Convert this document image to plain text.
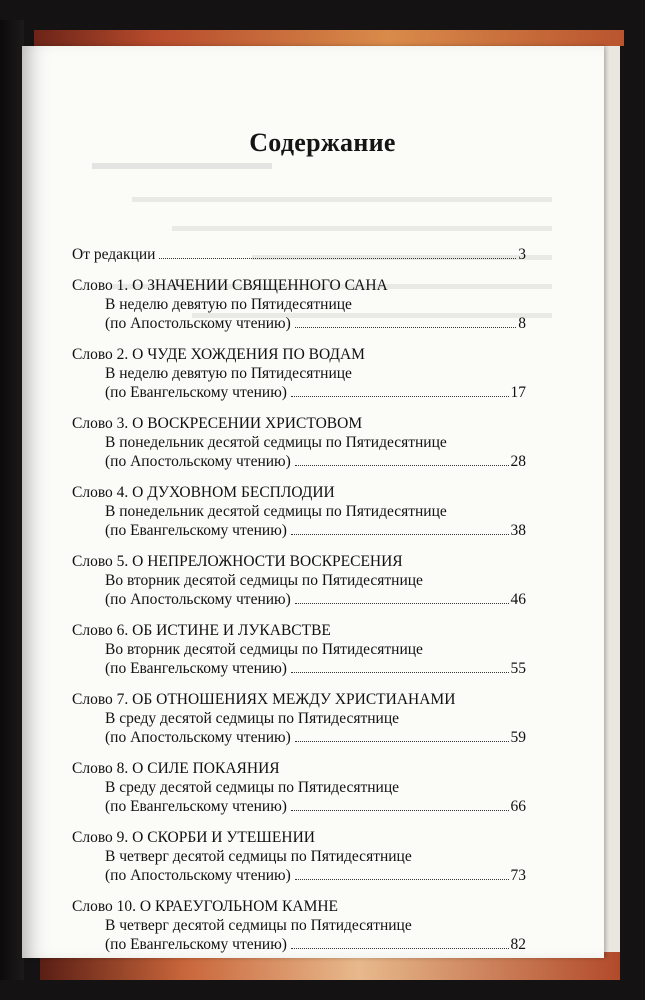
Содержание
От редакции	3
Слово 1. О ЗНАЧЕНИИ СВЯЩЕННОГО САНА
В неделю девятую по Пятидесятнице
(по Апостольскому чтению)	8
Слово 2. О ЧУДЕ ХОЖДЕНИЯ ПО ВОДАМ
В неделю девятую по Пятидесятнице
(по Евангельскому чтению)	17
Слово 3. О ВОСКРЕСЕНИИ ХРИСТОВОМ
В понедельник десятой седмицы по Пятидесятнице
(по Апостольскому чтению)	28
Слово 4. О ДУХОВНОМ БЕСПЛОДИИ
В понедельник десятой седмицы по Пятидесятнице
(по Евангельскому чтению)	38
Слово 5. О НЕПРЕЛОЖНОСТИ ВОСКРЕСЕНИЯ
Во вторник десятой седмицы по Пятидесятнице
(по Апостольскому чтению)	46
Слово 6. ОБ ИСТИНЕ И ЛУКАВСТВЕ
Во вторник десятой седмицы по Пятидесятнице
(по Евангельскому чтению)	55
Слово 7. ОБ ОТНОШЕНИЯХ МЕЖДУ ХРИСТИАНАМИ
В среду десятой седмицы по Пятидесятнице
(по Апостольскому чтению)	59
Слово 8. О СИЛЕ ПОКАЯНИЯ
В среду десятой седмицы по Пятидесятнице
(по Евангельскому чтению)	66
Слово 9. О СКОРБИ И УТЕШЕНИИ
В четверг десятой седмицы по Пятидесятнице
(по Апостольскому чтению)	73
Слово 10. О КРАЕУГОЛЬНОМ КАМНЕ
В четверг десятой седмицы по Пятидесятнице
(по Евангельскому чтению)	82
